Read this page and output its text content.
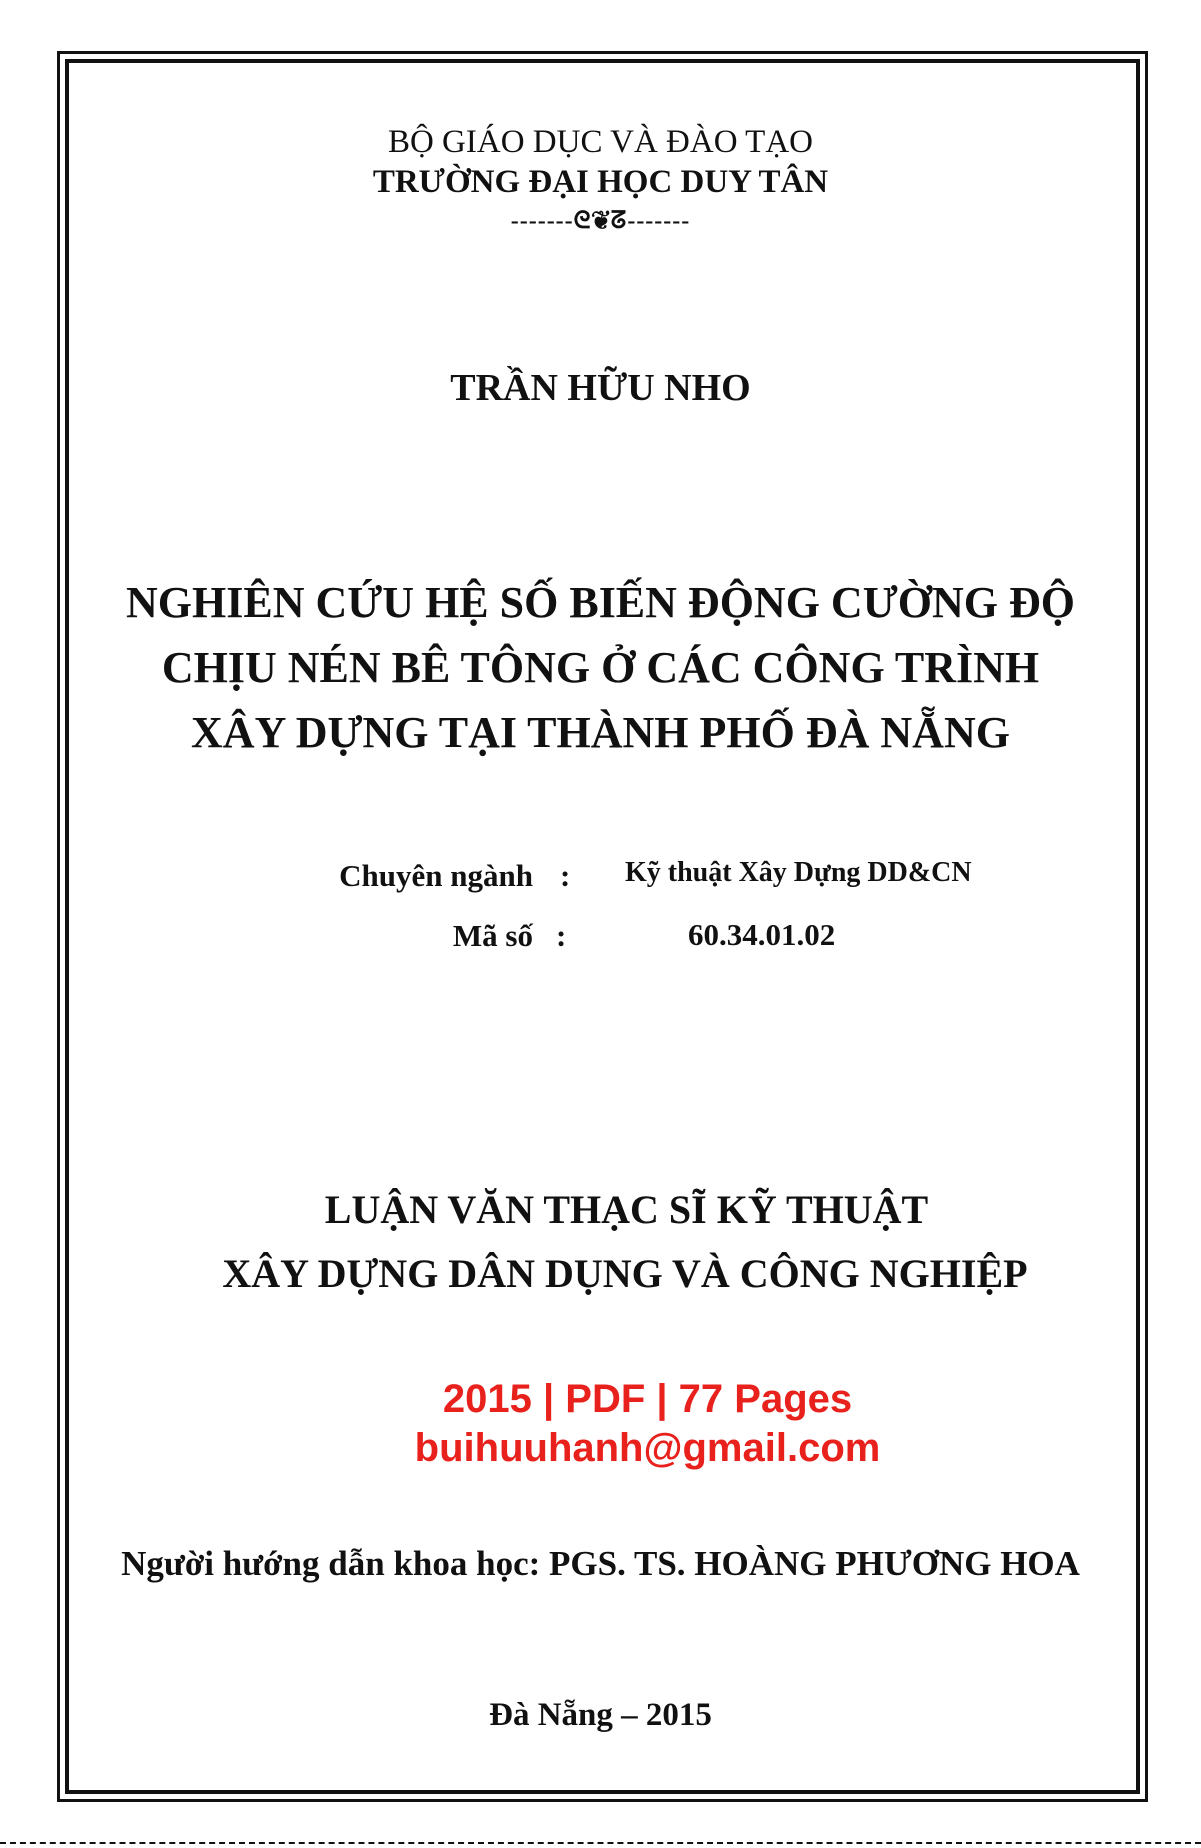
BỘ GIÁO DỤC VÀ ĐÀO TẠO
TRƯỜNG ĐẠI HỌC DUY TÂN
-------ᘓ❦ᘔ-------
TRẦN HỮU NHO
NGHIÊN CỨU HỆ SỐ BIẾN ĐỘNG CƯỜNG ĐỘ
CHỊU NÉN BÊ TÔNG Ở CÁC CÔNG TRÌNH
XÂY DỰNG TẠI THÀNH PHỐ ĐÀ NẴNG
Chuyên ngành : Kỹ thuật Xây Dựng DD&CN
Mã số :	60.34.01.02
LUẬN VĂN THẠC SĨ KỸ THUẬT
XÂY DỰNG DÂN DỤNG VÀ CÔNG NGHIỆP
2015 | PDF | 77 Pages
buihuuhanh@gmail.com
Người hướng dẫn khoa học: PGS. TS. HOÀNG PHƯƠNG HOA
Đà Nẵng – 2015
